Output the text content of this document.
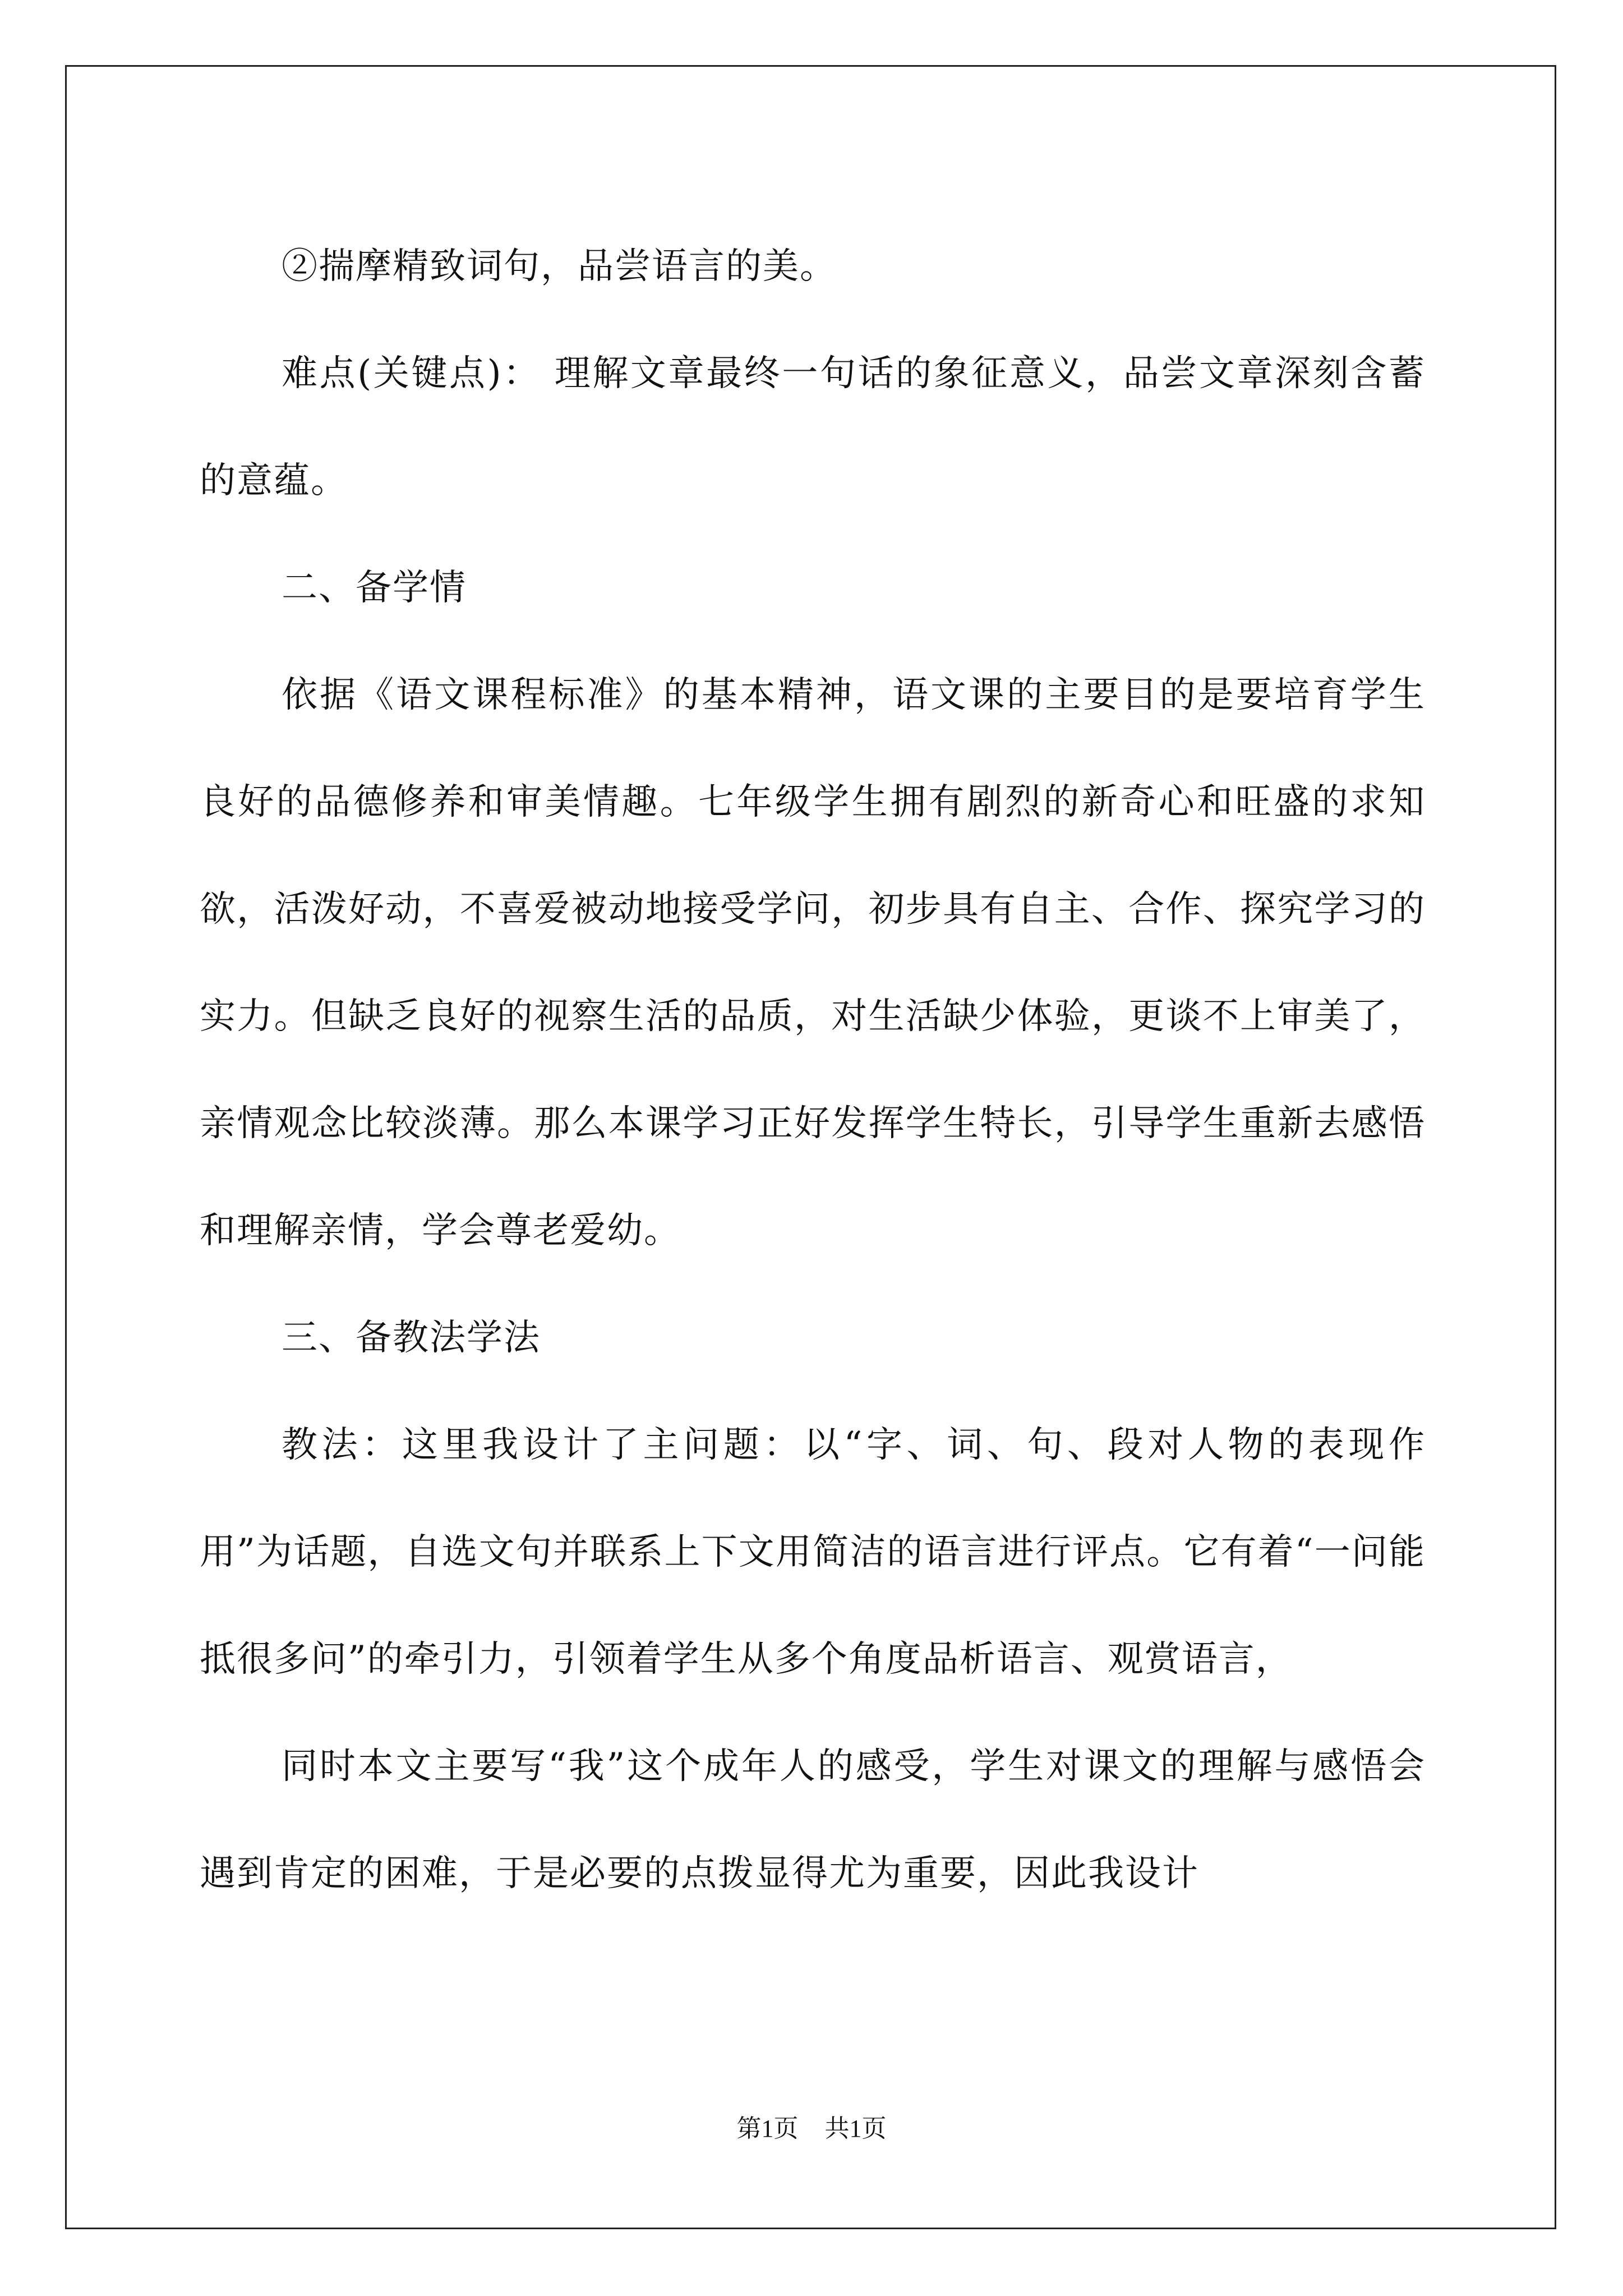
②揣摩精致词句，品尝语言的美。

难点(关键点)： 理解文章最终一句话的象征意义，品尝文章深刻含蓄的意蕴。

二、备学情

依据《语文课程标准》的基本精神，语文课的主要目的是要培育学生良好的品德修养和审美情趣。七年级学生拥有剧烈的新奇心和旺盛的求知欲，活泼好动，不喜爱被动地接受学问，初步具有自主、合作、探究学习的实力。但缺乏良好的视察生活的品质，对生活缺少体验，更谈不上审美了，亲情观念比较淡薄。那么本课学习正好发挥学生特长，引导学生重新去感悟和理解亲情，学会尊老爱幼。

三、备教法学法

教法：这里我设计了主问题：以“字、词、句、段对人物的表现作用”为话题，自选文句并联系上下文用简洁的语言进行评点。它有着“一问能抵很多问”的牵引力，引领着学生从多个角度品析语言、观赏语言，

同时本文主要写“我”这个成年人的感受，学生对课文的理解与感悟会遇到肯定的困难，于是必要的点拨显得尤为重要，因此我设计

第1页 共1页
